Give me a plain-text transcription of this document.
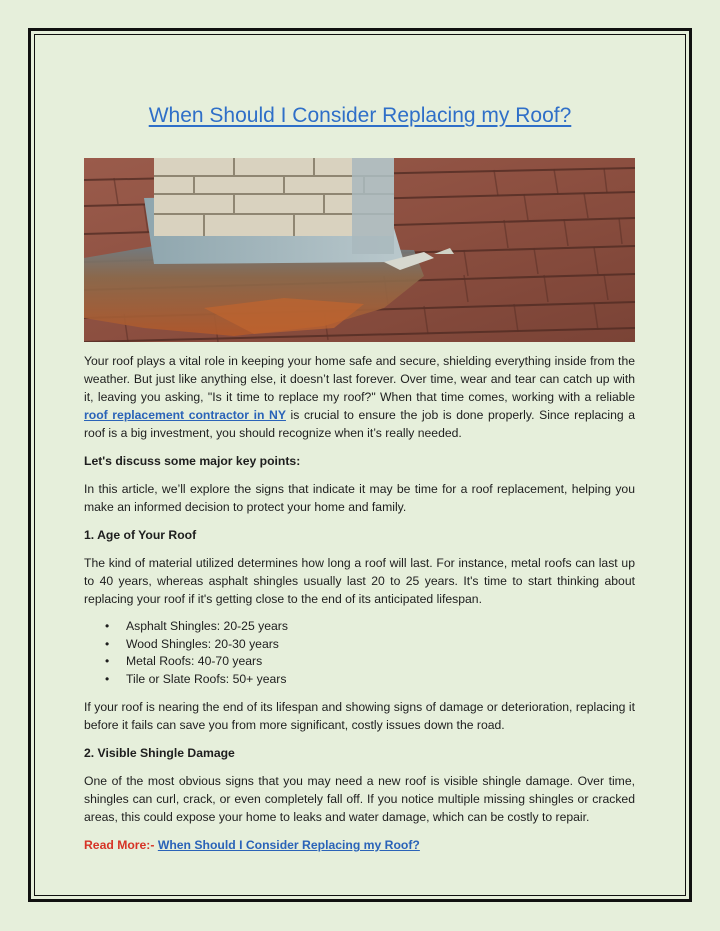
When Should I Consider Replacing my Roof?

Your roof plays a vital role in keeping your home safe and secure, shielding everything inside from the weather. But just like anything else, it doesn’t last forever. Over time, wear and tear can catch up with it, leaving you asking, "Is it time to replace my roof?" When that time comes, working with a reliable roof replacement contractor in NY is crucial to ensure the job is done properly. Since replacing a roof is a big investment, you should recognize when it’s really needed.

Let's discuss some major key points:

In this article, we’ll explore the signs that indicate it may be time for a roof replacement, helping you make an informed decision to protect your home and family.

1. Age of Your Roof

The kind of material utilized determines how long a roof will last. For instance, metal roofs can last up to 40 years, whereas asphalt shingles usually last 20 to 25 years. It's time to start thinking about replacing your roof if it's getting close to the end of its anticipated lifespan.

• Asphalt Shingles: 20-25 years
• Wood Shingles: 20-30 years
• Metal Roofs: 40-70 years
• Tile or Slate Roofs: 50+ years

If your roof is nearing the end of its lifespan and showing signs of damage or deterioration, replacing it before it fails can save you from more significant, costly issues down the road.

2. Visible Shingle Damage

One of the most obvious signs that you may need a new roof is visible shingle damage. Over time, shingles can curl, crack, or even completely fall off. If you notice multiple missing shingles or cracked areas, this could expose your home to leaks and water damage, which can be costly to repair.

Read More:- When Should I Consider Replacing my Roof?
